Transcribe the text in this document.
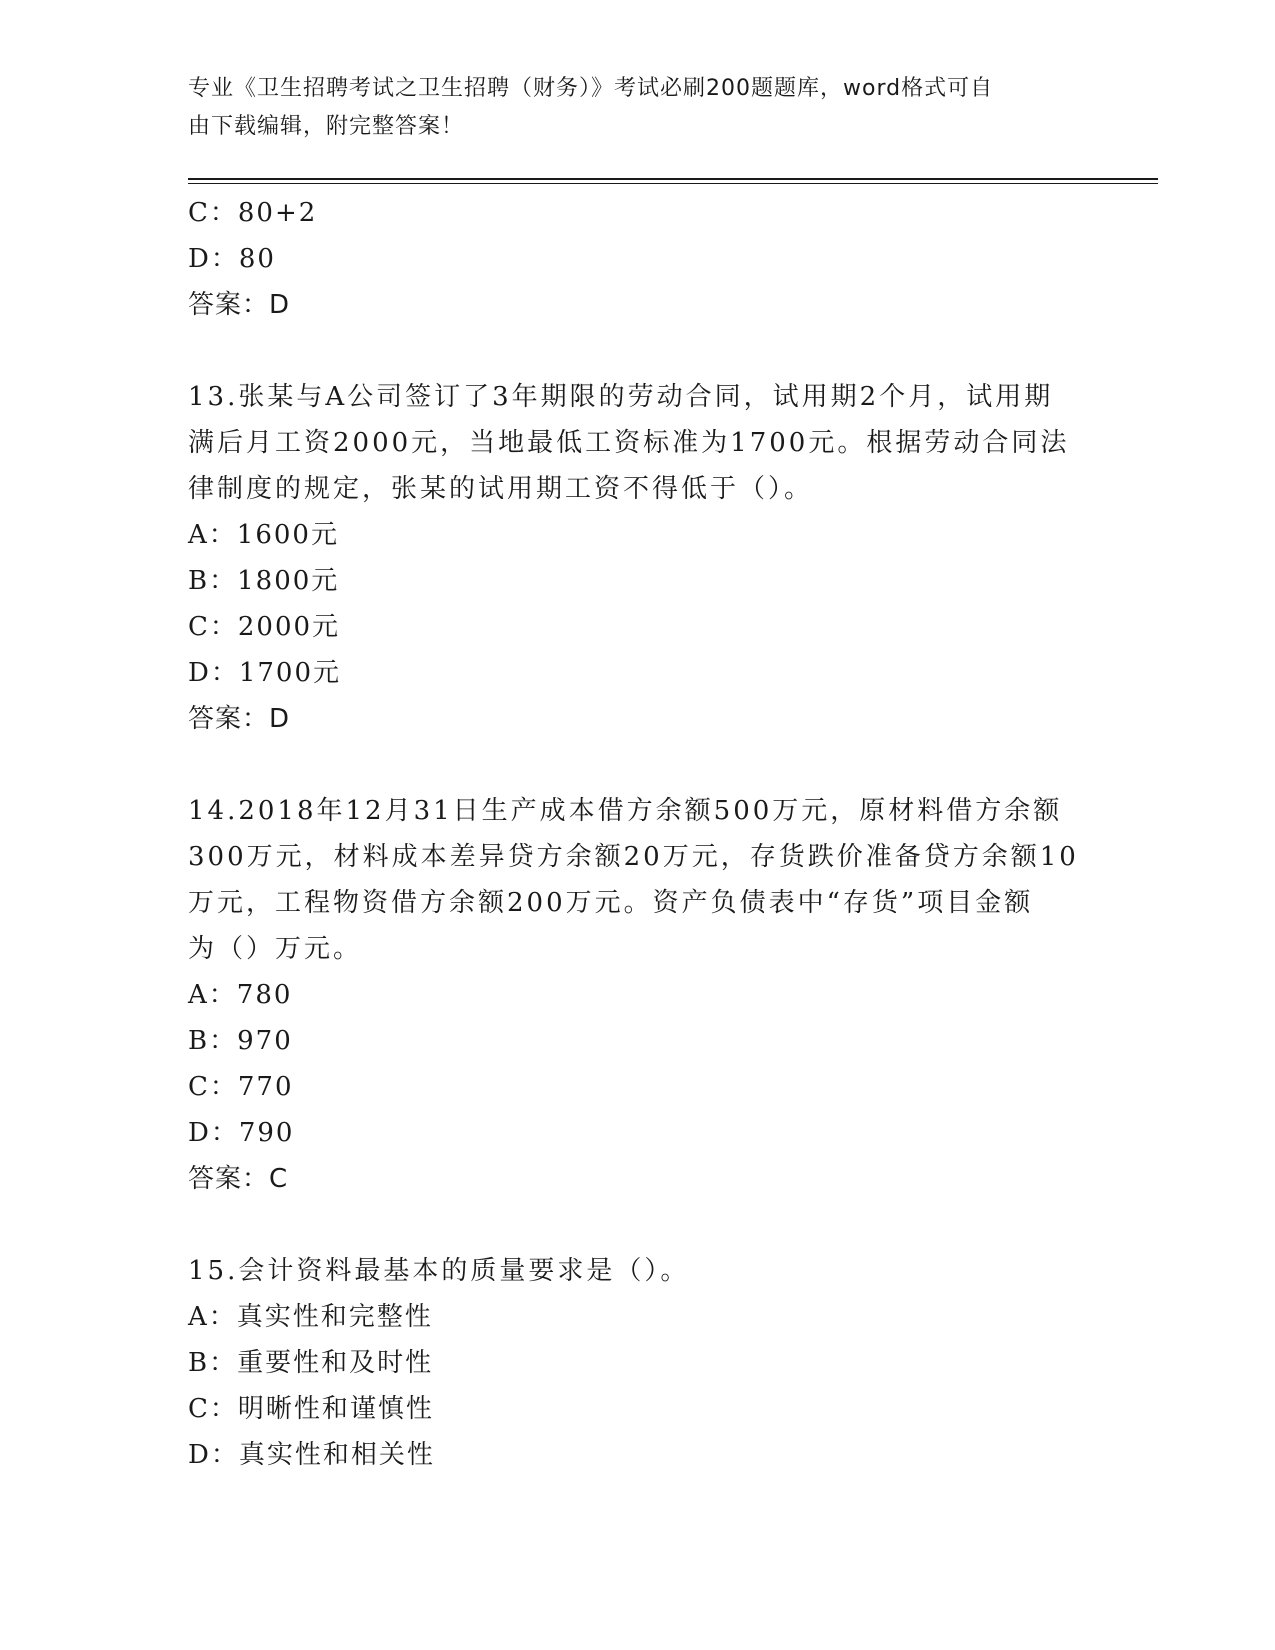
专业《卫生招聘考试之卫生招聘（财务）》考试必刷200题题库，word格式可自
由下载编辑，附完整答案！
C：80+2
D：80
答案：D
13.张某与A公司签订了3年期限的劳动合同，试用期2个月，试用期
满后月工资2000元，当地最低工资标准为1700元。根据劳动合同法
律制度的规定，张某的试用期工资不得低于（）。
A：1600元
B：1800元
C：2000元
D：1700元
答案：D
14.2018年12月31日生产成本借方余额500万元，原材料借方余额
300万元，材料成本差异贷方余额20万元，存货跌价准备贷方余额10
万元，工程物资借方余额200万元。资产负债表中“存货”项目金额
为（）万元。
A：780
B：970
C：770
D：790
答案：C
15.会计资料最基本的质量要求是（）。
A：真实性和完整性
B：重要性和及时性
C：明晰性和谨慎性
D：真实性和相关性
